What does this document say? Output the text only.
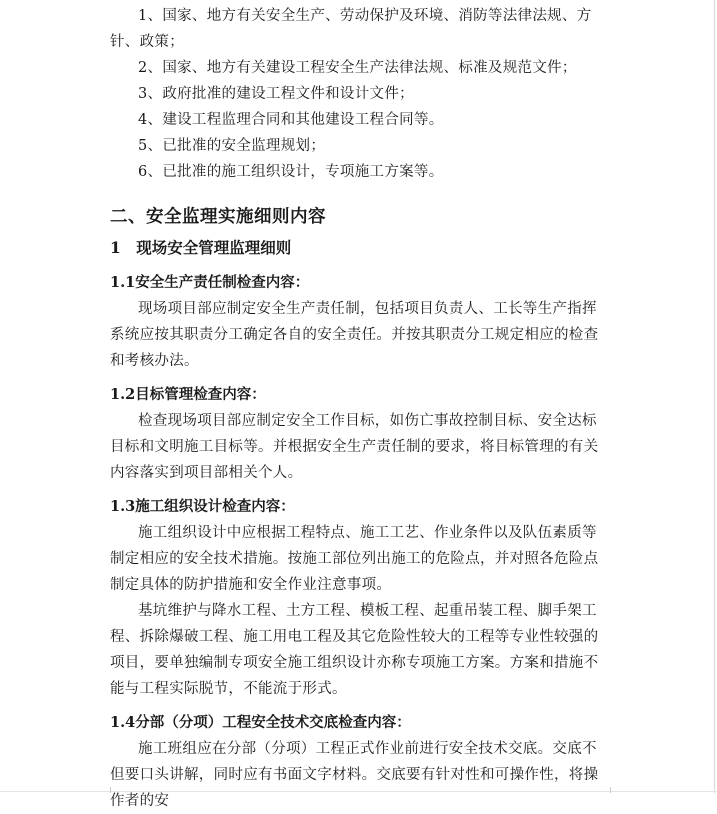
1、国家、地方有关安全生产、劳动保护及环境、消防等法律法规、方针、政策；

2、国家、地方有关建设工程安全生产法律法规、标准及规范文件；

3、政府批准的建设工程文件和设计文件；

4、建设工程监理合同和其他建设工程合同等。

5、已批准的安全监理规划；

6、已批准的施工组织设计，专项施工方案等。

二、安全监理实施细则内容
1　现场安全管理监理细则
1.1安全生产责任制检查内容：

现场项目部应制定安全生产责任制，包括项目负责人、工长等生产指挥系统应按其职责分工确定各自的安全责任。并按其职责分工规定相应的检查和考核办法。

1.2目标管理检查内容：

检查现场项目部应制定安全工作目标，如伤亡事故控制目标、安全达标目标和文明施工目标等。并根据安全生产责任制的要求，将目标管理的有关内容落实到项目部相关个人。

1.3施工组织设计检查内容：

施工组织设计中应根据工程特点、施工工艺、作业条件以及队伍素质等制定相应的安全技术措施。按施工部位列出施工的危险点，并对照各危险点制定具体的防护措施和安全作业注意事项。

基坑维护与降水工程、土方工程、模板工程、起重吊装工程、脚手架工程、拆除爆破工程、施工用电工程及其它危险性较大的工程等专业性较强的项目，要单独编制专项安全施工组织设计亦称专项施工方案。方案和措施不能与工程实际脱节，不能流于形式。

1.4分部（分项）工程安全技术交底检查内容：

施工班组应在分部（分项）工程正式作业前进行安全技术交底。交底不但要口头讲解，同时应有书面文字材料。交底要有针对性和可操作性，将操作者的安
